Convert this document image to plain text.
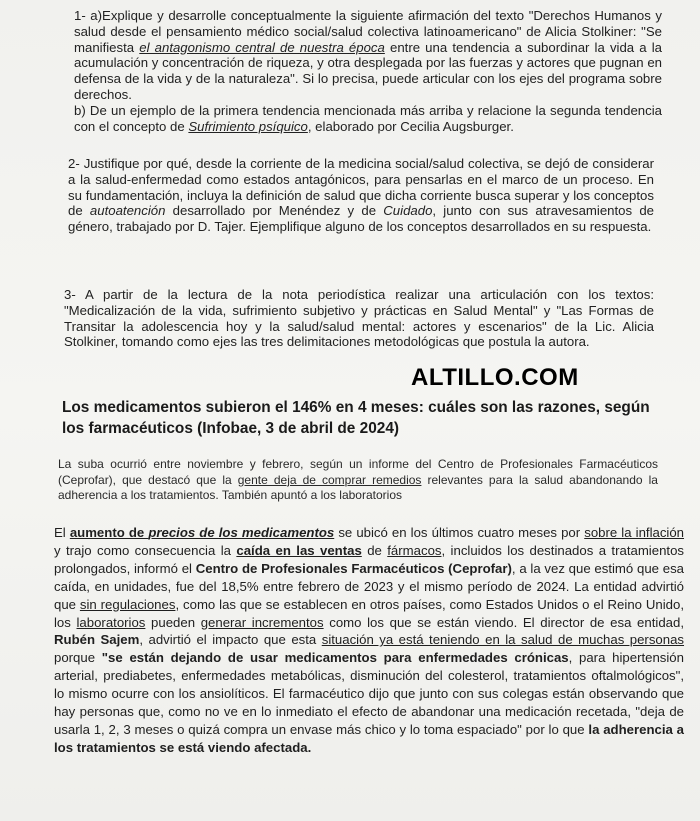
1- a)Explique y desarrolle conceptualmente la siguiente afirmación del texto "Derechos Humanos y salud desde el pensamiento médico social/salud colectiva latinoamericano" de Alicia Stolkiner: "Se manifiesta el antagonismo central de nuestra época entre una tendencia a subordinar la vida a la acumulación y concentración de riqueza, y otra desplegada por las fuerzas y actores que pugnan en defensa de la vida y de la naturaleza". Si lo precisa, puede articular con los ejes del programa sobre derechos.

b) De un ejemplo de la primera tendencia mencionada más arriba y relacione la segunda tendencia con el concepto de Sufrimiento psíquico, elaborado por Cecilia Augsburger.

2- Justifique por qué, desde la corriente de la medicina social/salud colectiva, se dejó de considerar a la salud-enfermedad como estados antagónicos, para pensarlas en el marco de un proceso. En su fundamentación, incluya la definición de salud que dicha corriente busca superar y los conceptos de autoatención desarrollado por Menéndez y de Cuidado, junto con sus atravesamientos de género, trabajado por D. Tajer. Ejemplifique alguno de los conceptos desarrollados en su respuesta.

3- A partir de la lectura de la nota periodística realizar una articulación con los textos: "Medicalización de la vida, sufrimiento subjetivo y prácticas en Salud Mental" y "Las Formas de Transitar la adolescencia hoy y la salud/salud mental: actores y escenarios" de la Lic. Alicia Stolkiner, tomando como ejes las tres delimitaciones metodológicas que postula la autora.

ALTILLO.COM
Los medicamentos subieron el 146% en 4 meses: cuáles son las razones, según los farmacéuticos (Infobae, 3 de abril de 2024)
La suba ocurrió entre noviembre y febrero, según un informe del Centro de Profesionales Farmacéuticos (Ceprofar), que destacó que la gente deja de comprar remedios relevantes para la salud abandonando la adherencia a los tratamientos. También apuntó a los laboratorios
El aumento de precios de los medicamentos se ubicó en los últimos cuatro meses por sobre la inflación y trajo como consecuencia la caída en las ventas de fármacos, incluidos los destinados a tratamientos prolongados, informó el Centro de Profesionales Farmacéuticos (Ceprofar), a la vez que estimó que esa caída, en unidades, fue del 18,5% entre febrero de 2023 y el mismo período de 2024. La entidad advirtió que sin regulaciones, como las que se establecen en otros países, como Estados Unidos o el Reino Unido, los laboratorios pueden generar incrementos como los que se están viendo. El director de esa entidad, Rubén Sajem, advirtió el impacto que esta situación ya está teniendo en la salud de muchas personas porque "se están dejando de usar medicamentos para enfermedades crónicas, para hipertensión arterial, prediabetes, enfermedades metabólicas, disminución del colesterol, tratamientos oftalmológicos", lo mismo ocurre con los ansiolíticos. El farmacéutico dijo que junto con sus colegas están observando que hay personas que, como no ve en lo inmediato el efecto de abandonar una medicación recetada, "deja de usarla 1, 2, 3 meses o quizá compra un envase más chico y lo toma espaciado" por lo que la adherencia a los tratamientos se está viendo afectada.
